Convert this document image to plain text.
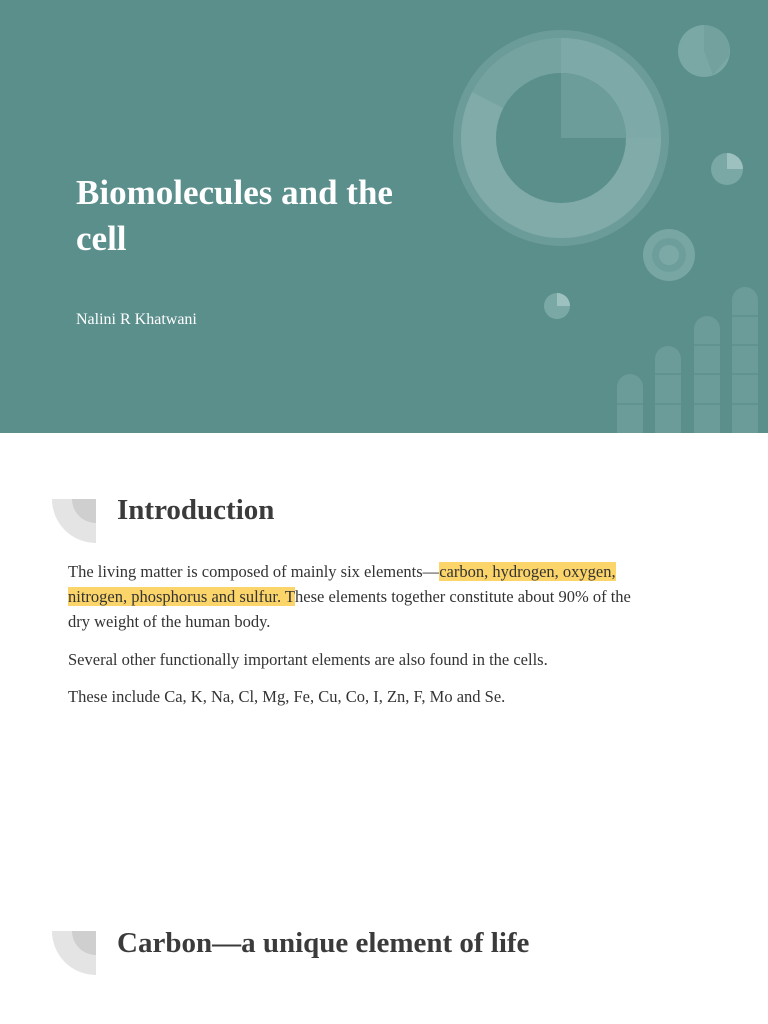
Biomolecules and the cell
Nalini R Khatwani
Introduction
The living matter is composed of mainly six elements—carbon, hydrogen, oxygen, nitrogen, phosphorus and sulfur. These elements together constitute about 90% of the dry weight of the human body.
Several other functionally important elements are also found in the cells.
These include Ca, K, Na, Cl, Mg, Fe, Cu, Co, I, Zn, F, Mo and Se.
Carbon—a unique element of life
